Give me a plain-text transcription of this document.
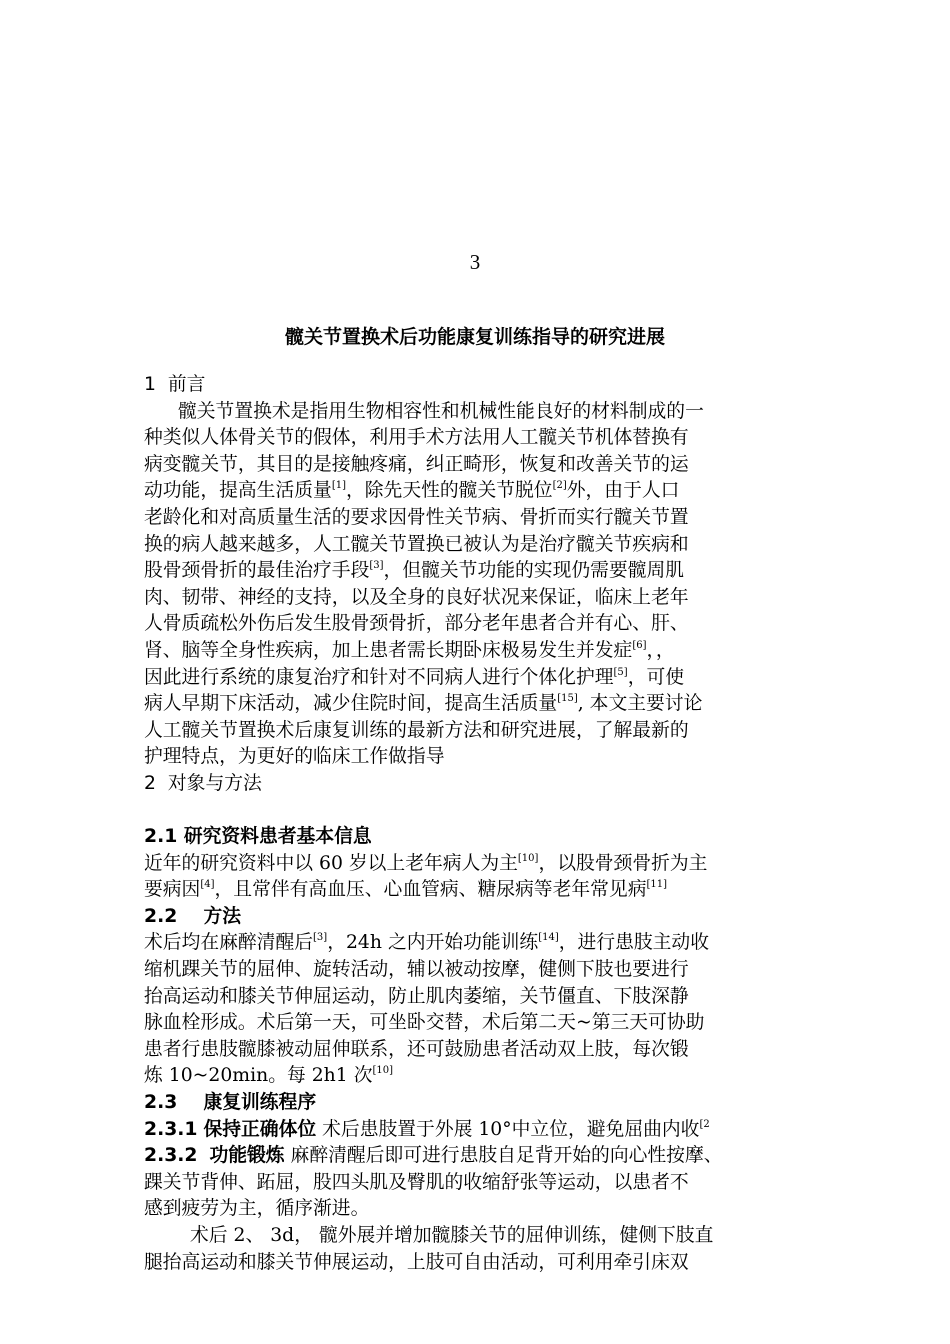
3
髋关节置换术后功能康复训练指导的研究进展
1 前言
髋关节置换术是指用生物相容性和机械性能良好的材料制成的一
种类似人体骨关节的假体，利用手术方法用人工髋关节机体替换有
病变髋关节，其目的是接触疼痛，纠正畸形，恢复和改善关节的运
动功能，提高生活质量[1]，除先天性的髋关节脱位[2]外，由于人口
老龄化和对高质量生活的要求因骨性关节病、骨折而实行髋关节置
换的病人越来越多，人工髋关节置换已被认为是治疗髋关节疾病和
股骨颈骨折的最佳治疗手段[3]，但髋关节功能的实现仍需要髋周肌
肉、韧带、神经的支持，以及全身的良好状况来保证，临床上老年
人骨质疏松外伤后发生股骨颈骨折，部分老年患者合并有心、肝、
肾、脑等全身性疾病，加上患者需长期卧床极易发生并发症[6]，，
因此进行系统的康复治疗和针对不同病人进行个体化护理[5]，可使
病人早期下床活动，减少住院时间，提高生活质量[15], 本文主要讨论
人工髋关节置换术后康复训练的最新方法和研究进展，了解最新的
护理特点，为更好的临床工作做指导
2 对象与方法
2.1 研究资料患者基本信息
近年的研究资料中以 60 岁以上老年病人为主[10]，以股骨颈骨折为主
要病因[4]，且常伴有高血压、心血管病、糖尿病等老年常见病[11]
2.2 方法
术后均在麻醉清醒后[3]，24h 之内开始功能训练[14]，进行患肢主动收
缩机踝关节的屈伸、旋转活动，辅以被动按摩，健侧下肢也要进行
抬高运动和膝关节伸屈运动，防止肌肉萎缩，关节僵直、下肢深静
脉血栓形成。术后第一天，可坐卧交替，术后第二天~第三天可协助
患者行患肢髋膝被动屈伸联系，还可鼓励患者活动双上肢，每次锻
炼 10~20min。每 2h1 次[10]
2.3 康复训练程序
2.3.1 保持正确体位 术后患肢置于外展 10°中立位，避免屈曲内收$^{[2}$
2.3.2 功能锻炼 麻醉清醒后即可进行患肢自足背开始的向心性按摩、
踝关节背伸、跖屈，股四头肌及臀肌的收缩舒张等运动，以患者不
感到疲劳为主，循序渐进。
术后 2、 3d， 髋外展并增加髋膝关节的屈伸训练，健侧下肢直
腿抬高运动和膝关节伸展运动，上肢可自由活动，可利用牵引床双
